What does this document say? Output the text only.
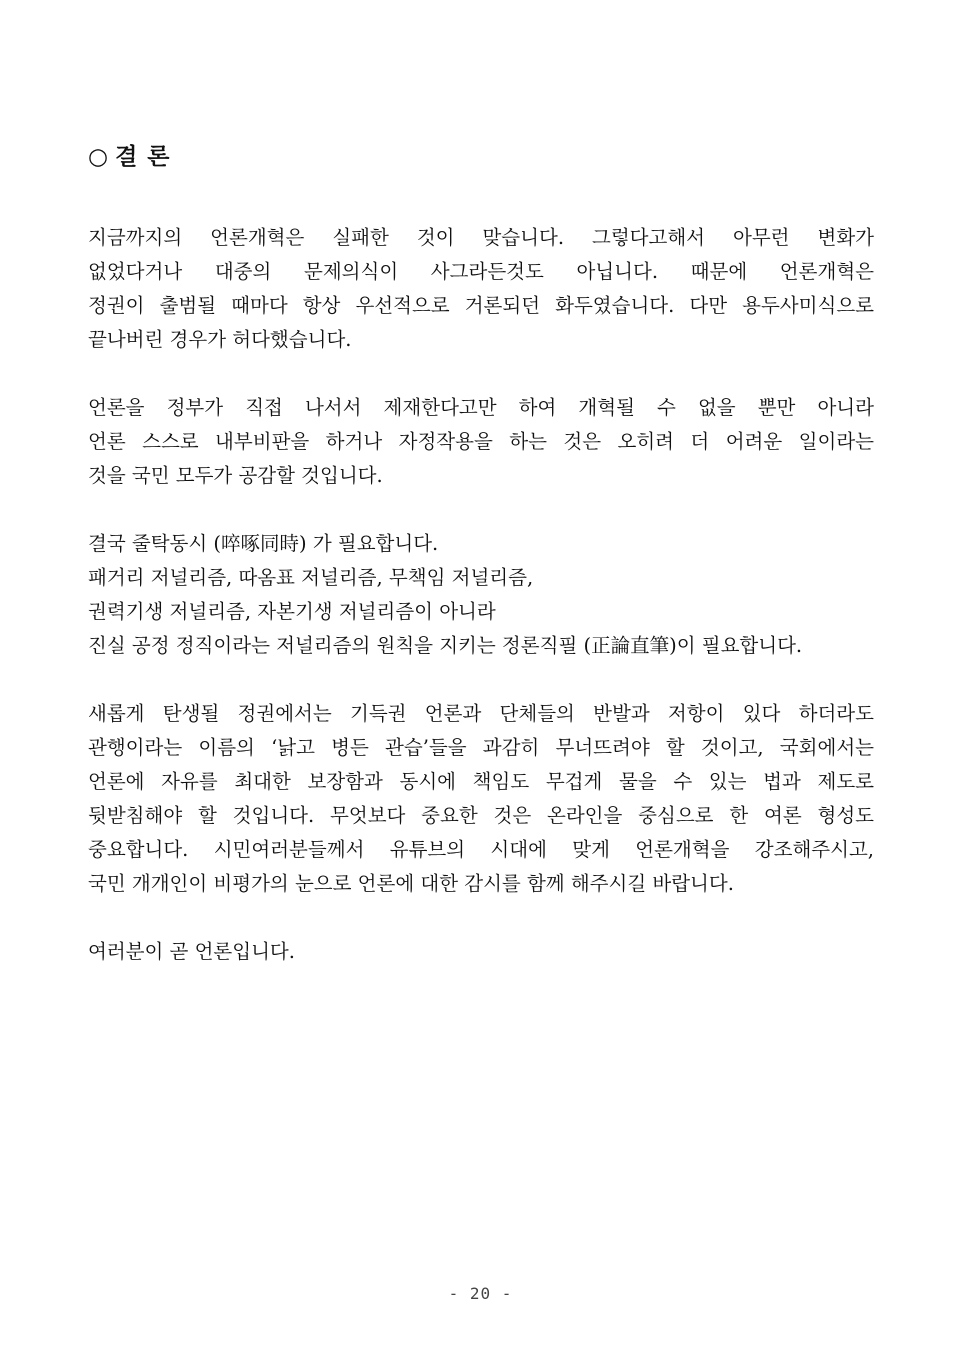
○ 결 론

지금까지의 언론개혁은 실패한 것이 맞습니다. 그렇다고해서 아무런 변화가
없었다거나 대중의 문제의식이 사그라든것도 아닙니다. 때문에 언론개혁은
정권이 출범될 때마다 항상 우선적으로 거론되던 화두였습니다. 다만 용두사미식으로
끝나버린 경우가 허다했습니다.

언론을 정부가 직접 나서서 제재한다고만 하여 개혁될 수 없을 뿐만 아니라
언론 스스로 내부비판을 하거나 자정작용을 하는 것은 오히려 더 어려운 일이라는
것을 국민 모두가 공감할 것입니다.

결국 줄탁동시 (啐啄同時) 가 필요합니다.
패거리 저널리즘, 따옴표 저널리즘, 무책임 저널리즘,
권력기생 저널리즘, 자본기생 저널리즘이 아니라
진실 공정 정직이라는 저널리즘의 원칙을 지키는 정론직필 (正論直筆)이 필요합니다.

새롭게 탄생될 정권에서는 기득권 언론과 단체들의 반발과 저항이 있다 하더라도
관행이라는 이름의 ‘낡고 병든 관습’들을 과감히 무너뜨려야 할 것이고, 국회에서는
언론에 자유를 최대한 보장함과 동시에 책임도 무겁게 물을 수 있는 법과 제도로
뒷받침해야 할 것입니다. 무엇보다 중요한 것은 온라인을 중심으로 한 여론 형성도
중요합니다. 시민여러분들께서 유튜브의 시대에 맞게 언론개혁을 강조해주시고,
국민 개개인이 비평가의 눈으로 언론에 대한 감시를 함께 해주시길 바랍니다.

여러분이 곧 언론입니다.

- 20 -
